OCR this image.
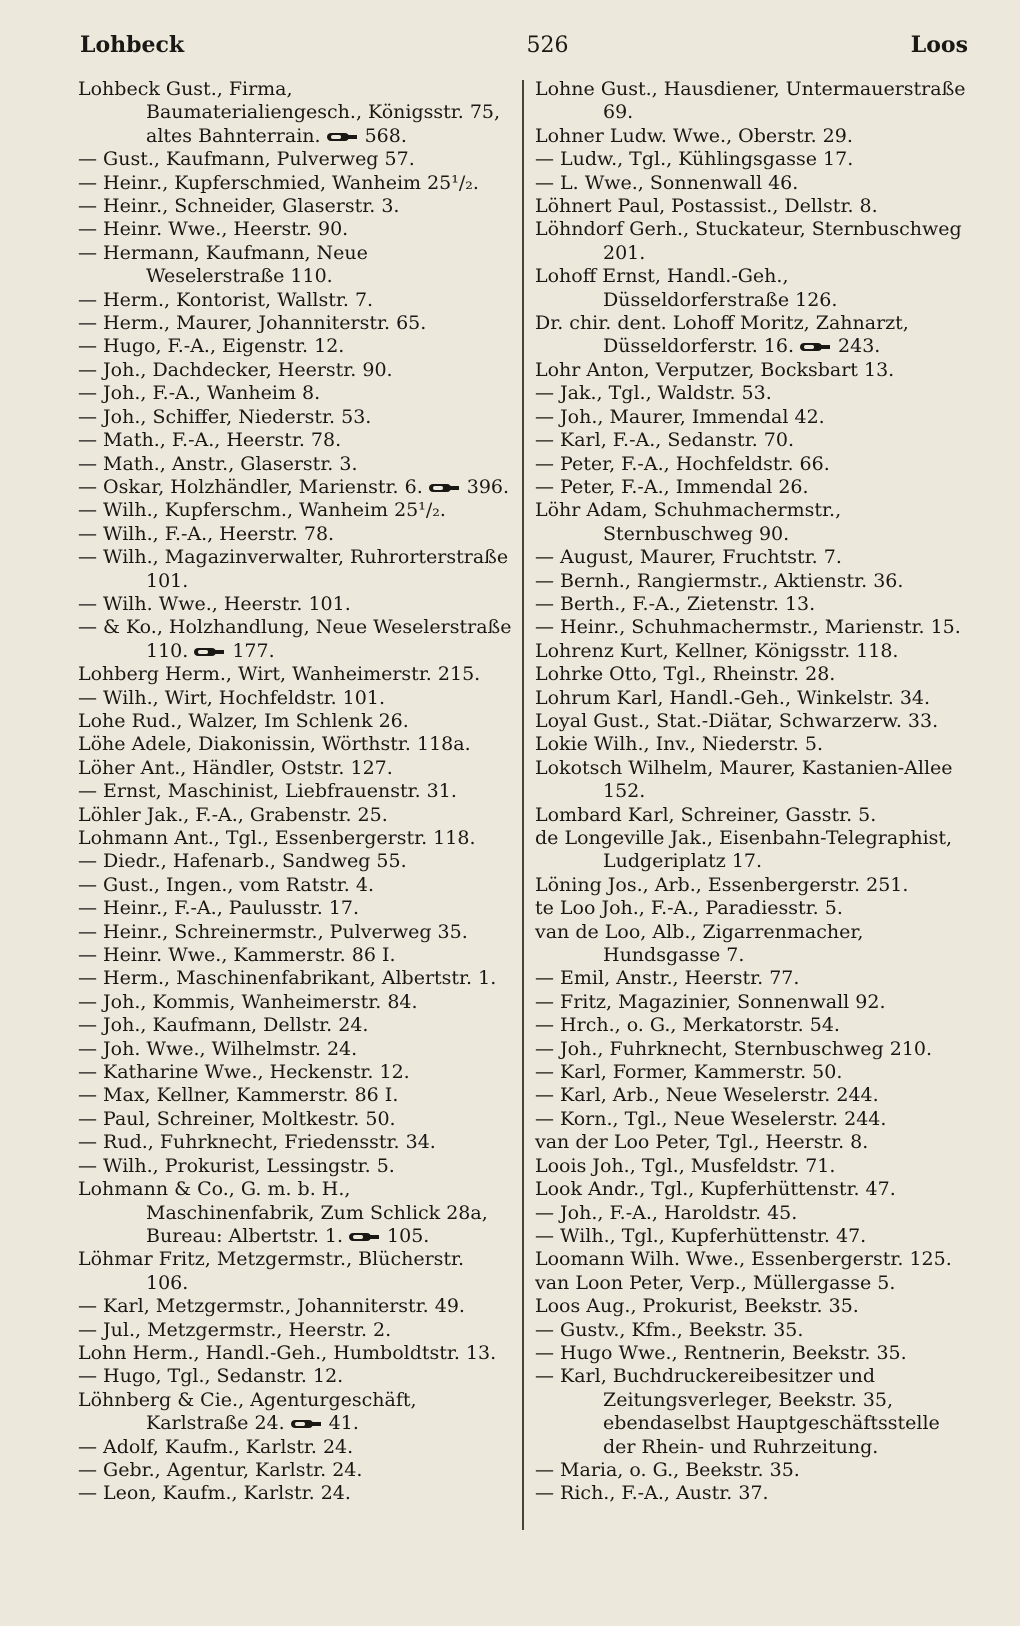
Lohbeck	526	Loos
Lohbeck Gust., Firma, Baumaterialiengesch., Königsstr. 75, altes Bahnterrain. 568.
— Gust., Kaufmann, Pulverweg 57.
— Heinr., Kupferschmied, Wanheim 25¹/₂.
— Heinr., Schneider, Glaserstr. 3.
— Heinr. Wwe., Heerstr. 90.
— Hermann, Kaufmann, Neue Weselerstraße 110.
— Herm., Kontorist, Wallstr. 7.
— Herm., Maurer, Johanniterstr. 65.
— Hugo, F.-A., Eigenstr. 12.
— Joh., Dachdecker, Heerstr. 90.
— Joh., F.-A., Wanheim 8.
— Joh., Schiffer, Niederstr. 53.
— Math., F.-A., Heerstr. 78.
— Math., Anstr., Glaserstr. 3.
— Oskar, Holzhändler, Marienstr. 6. 396.
— Wilh., Kupferschm., Wanheim 25¹/₂.
— Wilh., F.-A., Heerstr. 78.
— Wilh., Magazinverwalter, Ruhrorterstraße 101.
— Wilh. Wwe., Heerstr. 101.
— & Ko., Holzhandlung, Neue Weselerstraße 110. 177.
Lohberg Herm., Wirt, Wanheimerstr. 215.
— Wilh., Wirt, Hochfeldstr. 101.
Lohe Rud., Walzer, Im Schlenk 26.
Löhe Adele, Diakonissin, Wörthstr. 118a.
Löher Ant., Händler, Oststr. 127.
— Ernst, Maschinist, Liebfrauenstr. 31.
Löhler Jak., F.-A., Grabenstr. 25.
Lohmann Ant., Tgl., Essenbergerstr. 118.
— Diedr., Hafenarb., Sandweg 55.
— Gust., Ingen., vom Ratstr. 4.
— Heinr., F.-A., Paulusstr. 17.
— Heinr., Schreinermstr., Pulverweg 35.
— Heinr. Wwe., Kammerstr. 86 I.
— Herm., Maschinenfabrikant, Albertstr. 1.
— Joh., Kommis, Wanheimerstr. 84.
— Joh., Kaufmann, Dellstr. 24.
— Joh. Wwe., Wilhelmstr. 24.
— Katharine Wwe., Heckenstr. 12.
— Max, Kellner, Kammerstr. 86 I.
— Paul, Schreiner, Moltkestr. 50.
— Rud., Fuhrknecht, Friedensstr. 34.
— Wilh., Prokurist, Lessingstr. 5.
Lohmann & Co., G. m. b. H., Maschinenfabrik, Zum Schlick 28a, Bureau: Albertstr. 1. 105.
Löhmar Fritz, Metzgermstr., Blücherstr. 106.
— Karl, Metzgermstr., Johanniterstr. 49.
— Jul., Metzgermstr., Heerstr. 2.
Lohn Herm., Handl.-Geh., Humboldtstr. 13.
— Hugo, Tgl., Sedanstr. 12.
Löhnberg & Cie., Agenturgeschäft, Karlstraße 24. 41.
— Adolf, Kaufm., Karlstr. 24.
— Gebr., Agentur, Karlstr. 24.
— Leon, Kaufm., Karlstr. 24.
Lohne Gust., Hausdiener, Untermauerstraße 69.
Lohner Ludw. Wwe., Oberstr. 29.
— Ludw., Tgl., Kühlingsgasse 17.
— L. Wwe., Sonnenwall 46.
Löhnert Paul, Postassist., Dellstr. 8.
Löhndorf Gerh., Stuckateur, Sternbuschweg 201.
Lohoff Ernst, Handl.-Geh., Düsseldorferstraße 126.
Dr. chir. dent. Lohoff Moritz, Zahnarzt, Düsseldorferstr. 16. 243.
Lohr Anton, Verputzer, Bocksbart 13.
— Jak., Tgl., Waldstr. 53.
— Joh., Maurer, Immendal 42.
— Karl, F.-A., Sedanstr. 70.
— Peter, F.-A., Hochfeldstr. 66.
— Peter, F.-A., Immendal 26.
Löhr Adam, Schuhmachermstr., Sternbuschweg 90.
— August, Maurer, Fruchtstr. 7.
— Bernh., Rangiermstr., Aktienstr. 36.
— Berth., F.-A., Zietenstr. 13.
— Heinr., Schuhmachermstr., Marienstr. 15.
Lohrenz Kurt, Kellner, Königsstr. 118.
Lohrke Otto, Tgl., Rheinstr. 28.
Lohrum Karl, Handl.-Geh., Winkelstr. 34.
Loyal Gust., Stat.-Diätar, Schwarzerw. 33.
Lokie Wilh., Inv., Niederstr. 5.
Lokotsch Wilhelm, Maurer, Kastanien-Allee 152.
Lombard Karl, Schreiner, Gasstr. 5.
de Longeville Jak., Eisenbahn-Telegraphist, Ludgeriplatz 17.
Löning Jos., Arb., Essenbergerstr. 251.
te Loo Joh., F.-A., Paradiesstr. 5.
van de Loo, Alb., Zigarrenmacher, Hundsgasse 7.
— Emil, Anstr., Heerstr. 77.
— Fritz, Magazinier, Sonnenwall 92.
— Hrch., o. G., Merkatorstr. 54.
— Joh., Fuhrknecht, Sternbuschweg 210.
— Karl, Former, Kammerstr. 50.
— Karl, Arb., Neue Weselerstr. 244.
— Korn., Tgl., Neue Weselerstr. 244.
van der Loo Peter, Tgl., Heerstr. 8.
Loois Joh., Tgl., Musfeldstr. 71.
Look Andr., Tgl., Kupferhüttenstr. 47.
— Joh., F.-A., Haroldstr. 45.
— Wilh., Tgl., Kupferhüttenstr. 47.
Loomann Wilh. Wwe., Essenbergerstr. 125.
van Loon Peter, Verp., Müllergasse 5.
Loos Aug., Prokurist, Beekstr. 35.
— Gustv., Kfm., Beekstr. 35.
— Hugo Wwe., Rentnerin, Beekstr. 35.
— Karl, Buchdruckereibesitzer und Zeitungsverleger, Beekstr. 35, ebendaselbst Hauptgeschäftsstelle der Rhein- und Ruhrzeitung.
— Maria, o. G., Beekstr. 35.
— Rich., F.-A., Austr. 37.
